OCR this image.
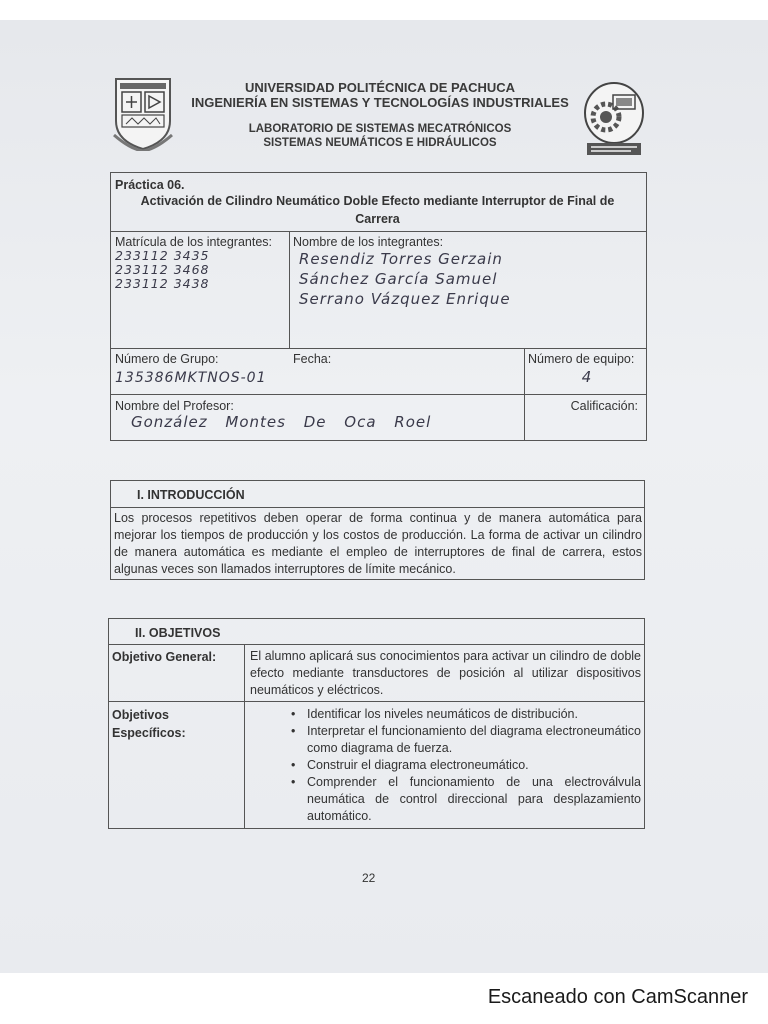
UNIVERSIDAD POLITÉCNICA DE PACHUCA
INGENIERÍA EN SISTEMAS Y TECNOLOGÍAS INDUSTRIALES
LABORATORIO DE SISTEMAS MECATRÓNICOS
SISTEMAS NEUMÁTICOS E HIDRÁULICOS
Práctica 06.
Activación de Cilindro Neumático Doble Efecto mediante Interruptor de Final de Carrera
Matrícula de los integrantes:
233112 3435
233112 3468
233112 3438
Nombre de los integrantes:
Resendiz Torres Gerzain
Sánchez García Samuel
Serrano Vázquez Enrique
Número de Grupo:
135386MKTNOS-01
Fecha:	Número de equipo:
4
Nombre del Profesor:
González Montes De Oca Roel
Calificación:
I. INTRODUCCIÓN
Los procesos repetitivos deben operar de forma continua y de manera automática para mejorar los tiempos de producción y los costos de producción. La forma de activar un cilindro de manera automática es mediante el empleo de interruptores de final de carrera, estos algunas veces son llamados interruptores de límite mecánico.
II. OBJETIVOS
Objetivo General:	El alumno aplicará sus conocimientos para activar un cilindro de doble efecto mediante transductores de posición al utilizar dispositivos neumáticos y eléctricos.
Objetivos Específicos:
• Identificar los niveles neumáticos de distribución.
• Interpretar el funcionamiento del diagrama electroneumático como diagrama de fuerza.
• Construir el diagrama electroneumático.
• Comprender el funcionamiento de una electroválvula neumática de control direccional para desplazamiento automático.
22
Escaneado con CamScanner
